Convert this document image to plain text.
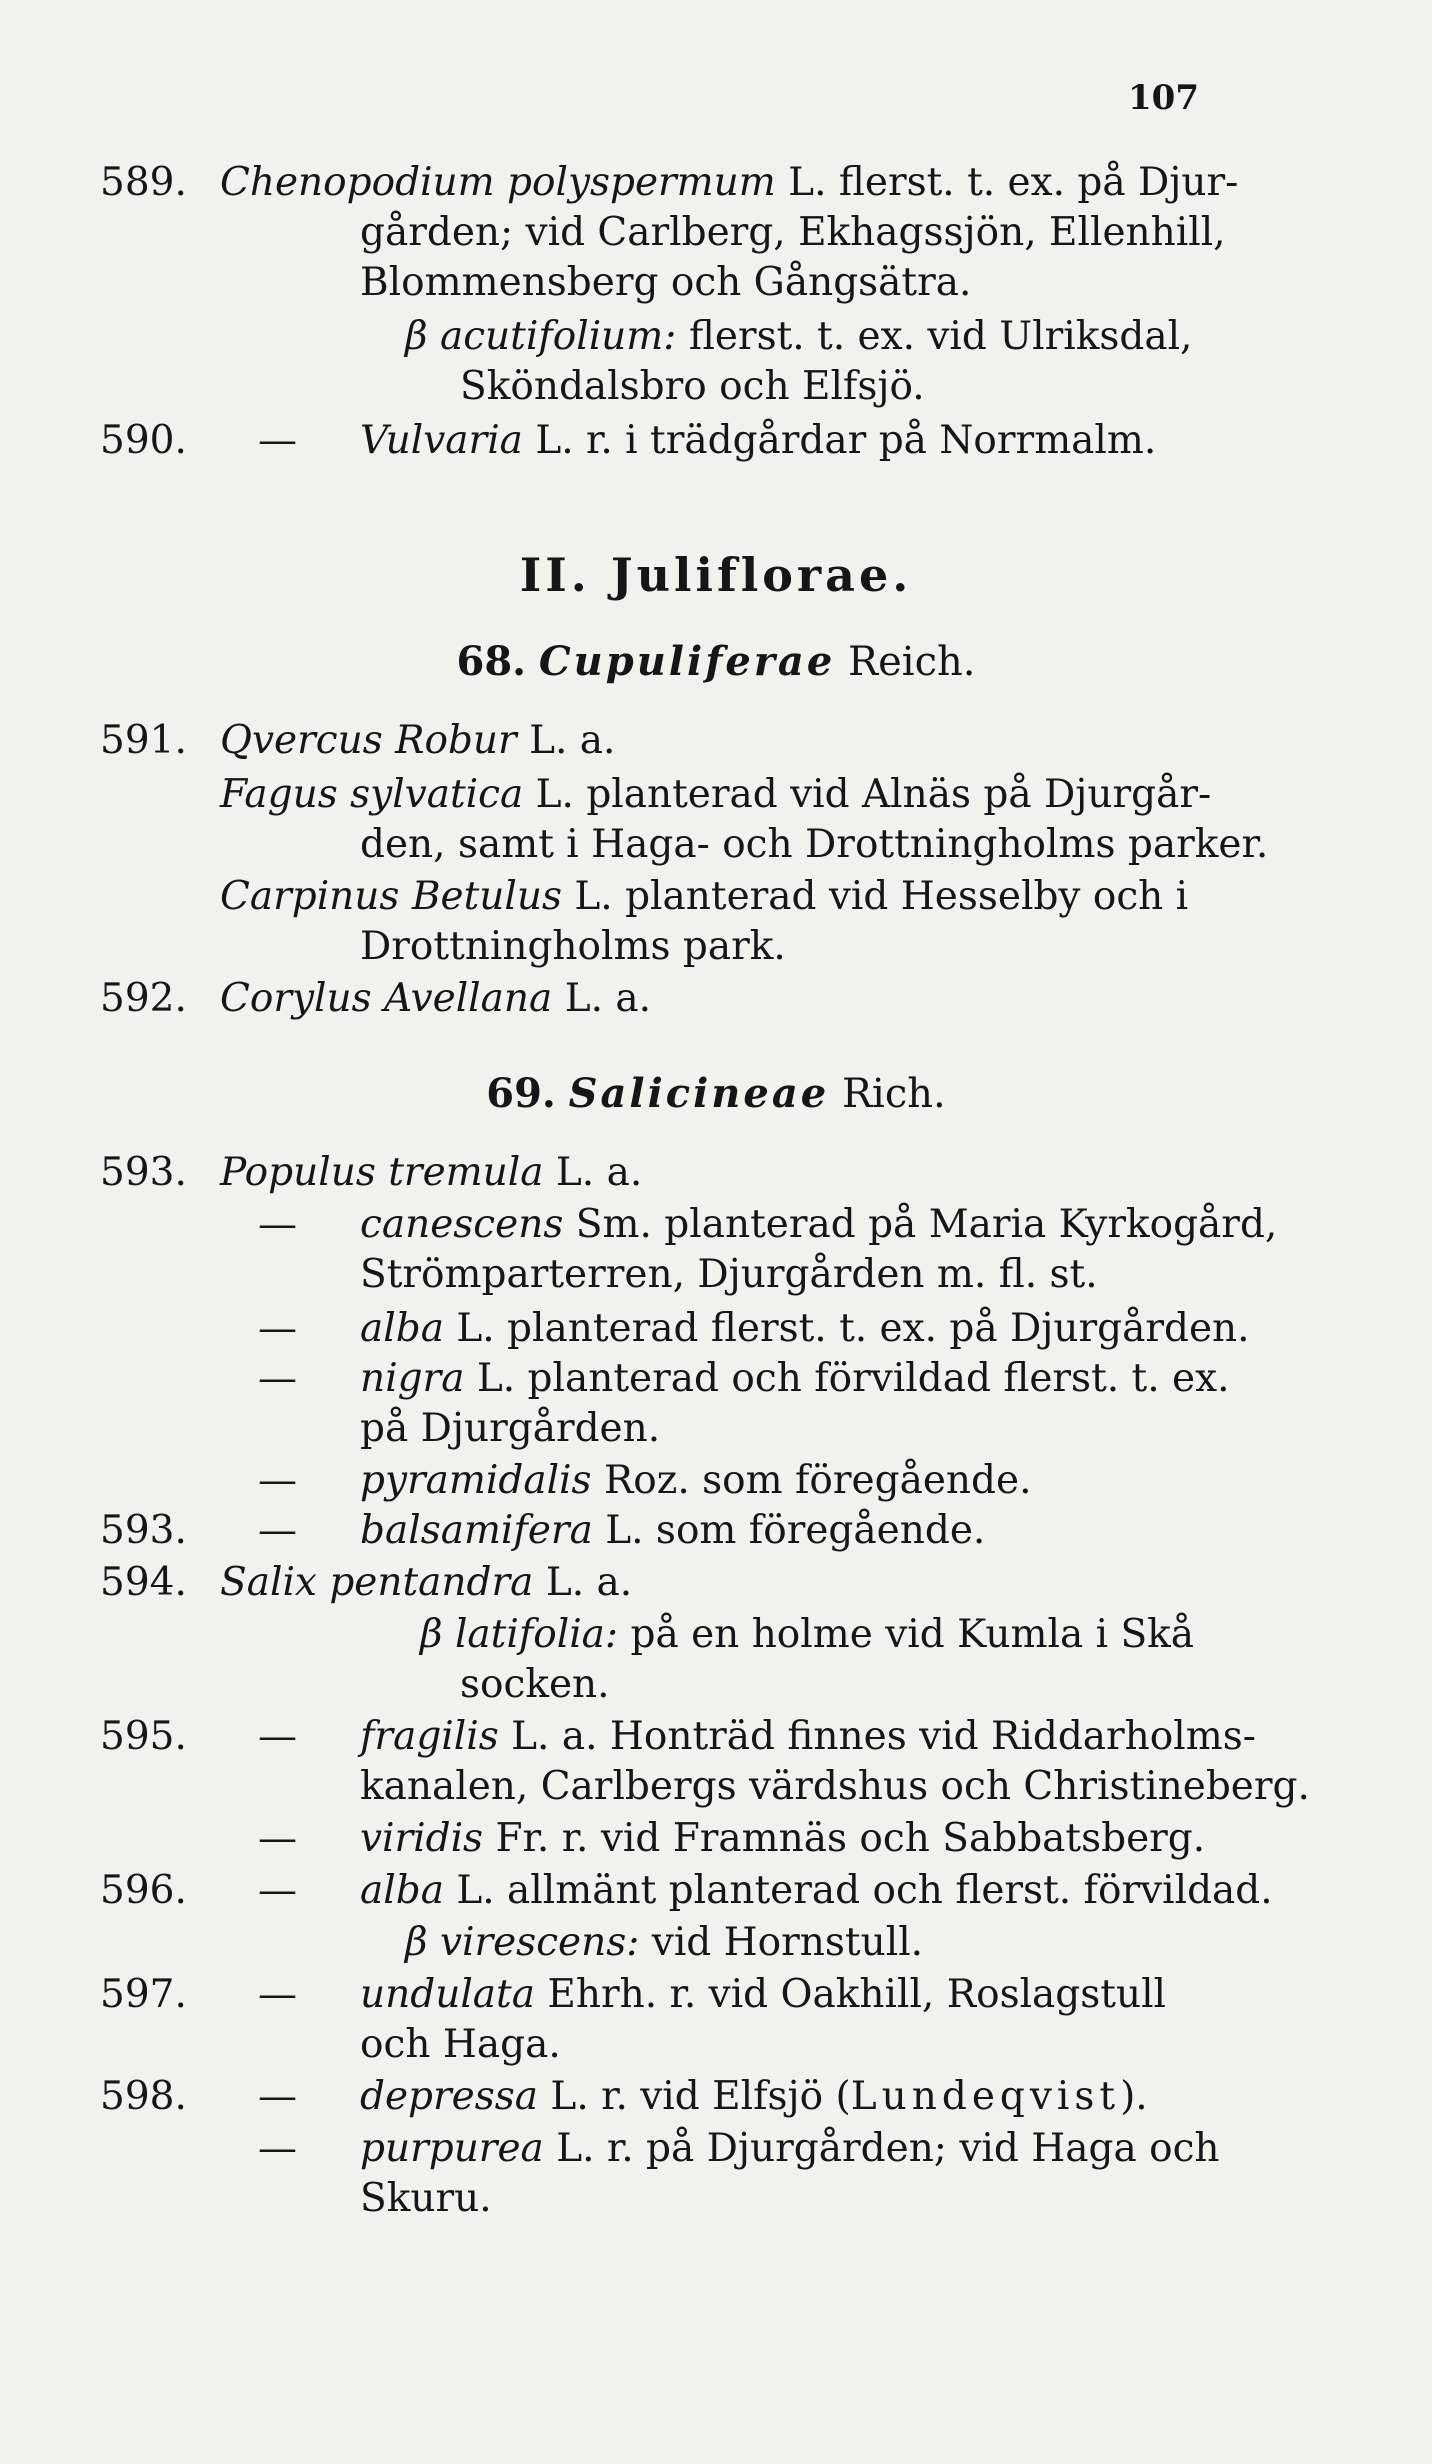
107
589. Chenopodium polyspermum L. flerst. t. ex. på Djur-
gården; vid Carlberg, Ekhagssjön, Ellenhill,
Blommensberg och Gångsätra.
β acutifolium: flerst. t. ex. vid Ulriksdal,
Sköndalsbro och Elfsjö.
590. — Vulvaria L. r. i trädgårdar på Norrmalm.
II. Juliflorae.
68. Cupuliferae Reich.
591. Qvercus Robur L. a.
Fagus sylvatica L. planterad vid Alnäs på Djurgår-
den, samt i Haga- och Drottningholms parker.
Carpinus Betulus L. planterad vid Hesselby och i
Drottningholms park.
592. Corylus Avellana L. a.
69. Salicineae Rich.
593. Populus tremula L. a.
— canescens Sm. planterad på Maria Kyrkogård,
Strömparterren, Djurgården m. fl. st.
— alba L. planterad flerst. t. ex. på Djurgården.
— nigra L. planterad och förvildad flerst. t. ex.
på Djurgården.
— pyramidalis Roz. som föregående.
593. — balsamifera L. som föregående.
594. Salix pentandra L. a.
β latifolia: på en holme vid Kumla i Skå
socken.
595. — fragilis L. a. Honträd finnes vid Riddarholms-
kanalen, Carlbergs värdshus och Christineberg.
— viridis Fr. r. vid Framnäs och Sabbatsberg.
596. — alba L. allmänt planterad och flerst. förvildad.
β virescens: vid Hornstull.
597. — undulata Ehrh. r. vid Oakhill, Roslagstull
och Haga.
598. — depressa L. r. vid Elfsjö (Lundeqvist).
— purpurea L. r. på Djurgården; vid Haga och
Skuru.
